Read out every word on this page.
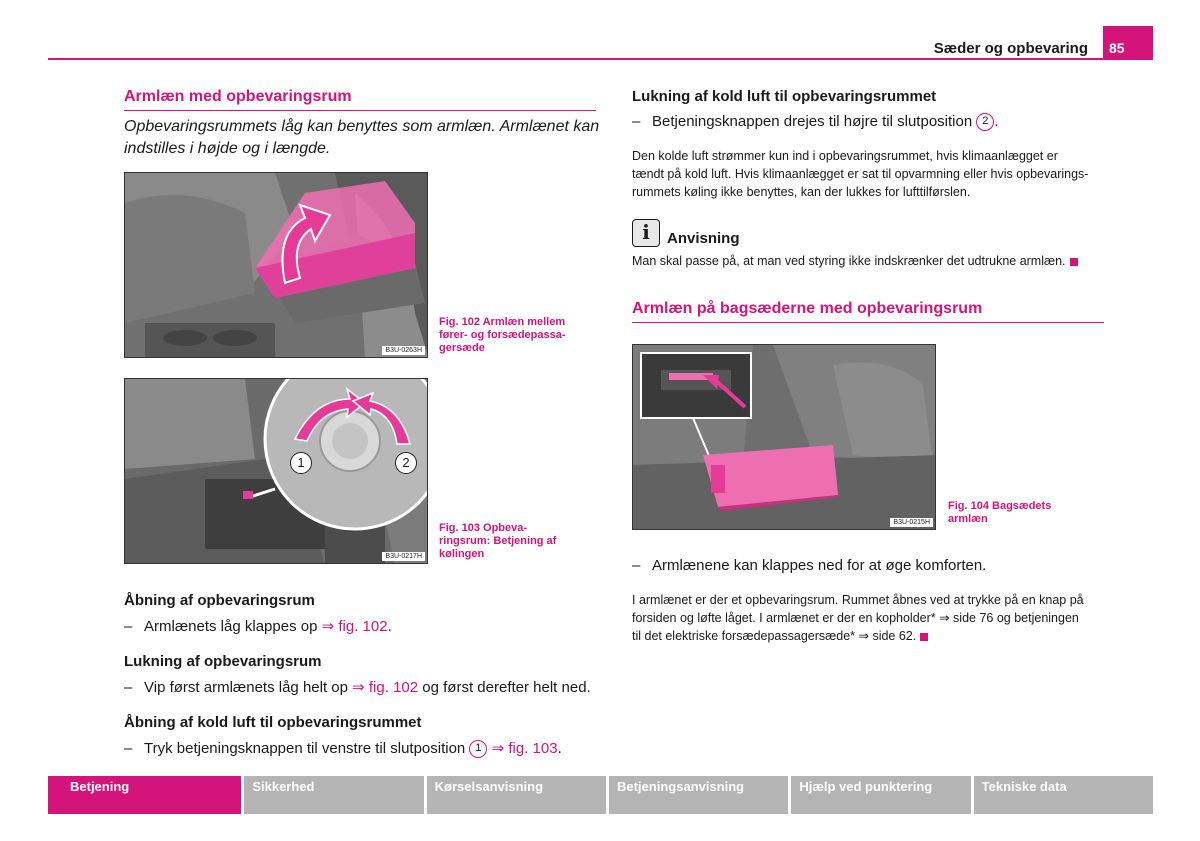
Sæder og opbevaring	85
Armlæn med opbevaringsrum
Opbevaringsrummets låg kan benyttes som armlæn. Armlænet kan
indstilles i højde og i længde.
B3U-0263H
Fig. 102 Armlæn mellem
fører- og forsædepassa-
gersæde
1	2
B3U-0217H
Fig. 103 Opbeva-
ringsrum: Betjening af
kølingen
Åbning af opbevaringsrum
– Armlænets låg klappes op ⇒ fig. 102.
Lukning af opbevaringsrum
– Vip først armlænets låg helt op ⇒ fig. 102 og først derefter helt ned.
Åbning af kold luft til opbevaringsrummet
– Tryk betjeningsknappen til venstre til slutposition 1 ⇒ fig. 103.
Lukning af kold luft til opbevaringsrummet
– Betjeningsknappen drejes til højre til slutposition 2 .
Den kolde luft strømmer kun ind i opbevaringsrummet, hvis klimaanlægget er
tændt på kold luft. Hvis klimaanlægget er sat til opvarmning eller hvis opbevarings-
rummets køling ikke benyttes, kan der lukkes for lufttilførslen.
i	Anvisning
Man skal passe på, at man ved styring ikke indskrænker det udtrukne armlæn.
Armlæn på bagsæderne med opbevaringsrum
B3U-0215H
Fig. 104 Bagsædets
armlæn
– Armlænene kan klappes ned for at øge komforten.
I armlænet er der et opbevaringsrum. Rummet åbnes ved at trykke på en knap på
forsiden og løfte låget. I armlænet er der en kopholder* ⇒ side 76 og betjeningen
til det elektriske forsædepassagersæde* ⇒ side 62.
Betjening	Sikkerhed	Kørselsanvisning	Betjeningsanvisning	Hjælp ved punktering	Tekniske data
